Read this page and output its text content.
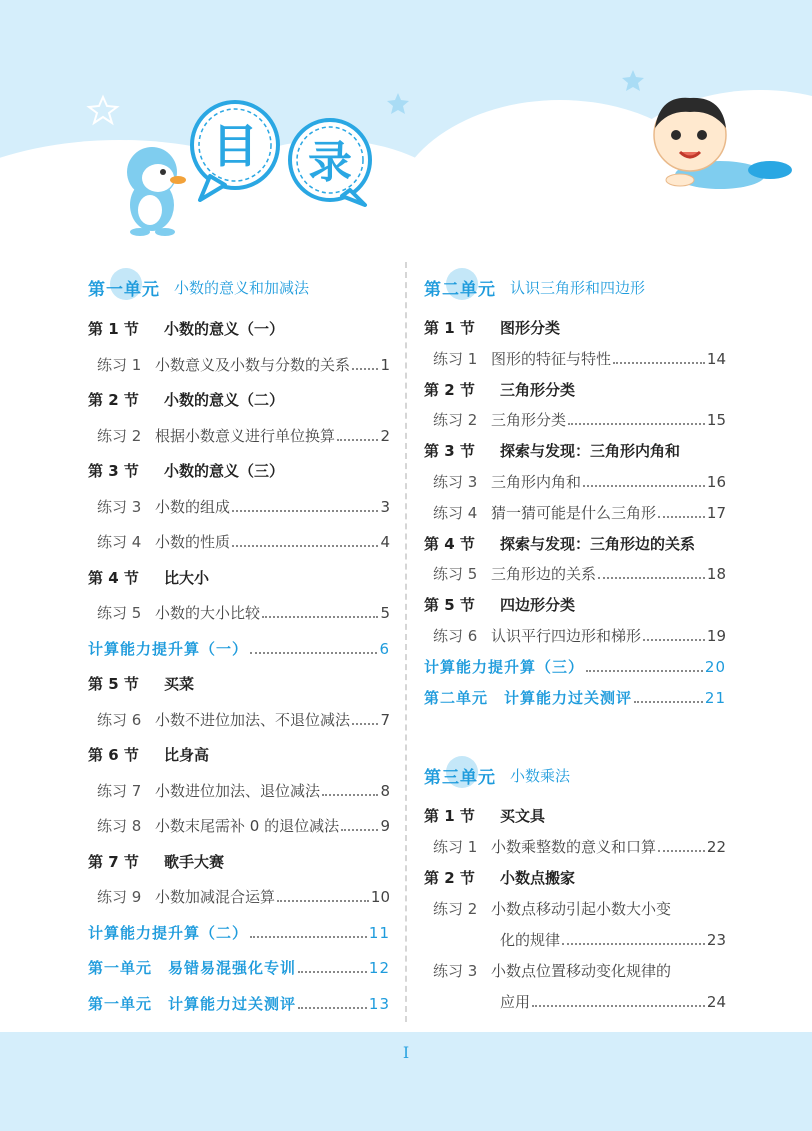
目 录
第一单元 小数的意义和加减法
第 1 节	小数的意义（一）
练习 1 小数意义及小数与分数的关系 1
第 2 节	小数的意义（二）
练习 2 根据小数意义进行单位换算	2
第 3 节	小数的意义（三）
练习 3 小数的组成	3
练习 4 小数的性质	4
第 4 节	比大小
练习 5 小数的大小比较	5
计算能力提升算（一）	6
第 5 节	买菜
练习 6 小数不进位加法、不退位减法 7
第 6 节	比身高
练习 7 小数进位加法、退位减法	8
练习 8 小数末尾需补 0 的退位减法	9
第 7 节	歌手大赛
练习 9 小数加减混合运算	10
计算能力提升算（二）	11
第一单元　易错易混强化专训	12
第一单元　计算能力过关测评	13
第二单元 认识三角形和四边形
第 1 节	图形分类
练习 1 图形的特征与特性	14
第 2 节	三角形分类
练习 2 三角形分类	15
第 3 节	探索与发现：三角形内角和
练习 3 三角形内角和	16
练习 4 猜一猜可能是什么三角形	17
第 4 节	探索与发现：三角形边的关系
练习 5 三角形边的关系	18
第 5 节	四边形分类
练习 6 认识平行四边形和梯形	19
计算能力提升算（三）	20
第二单元　计算能力过关测评	21
第三单元 小数乘法
第 1 节	买文具
练习 1 小数乘整数的意义和口算	22
第 2 节	小数点搬家
练习 2 小数点移动引起小数大小变
化的规律	23
练习 3 小数点位置移动变化规律的
应用	24
I
